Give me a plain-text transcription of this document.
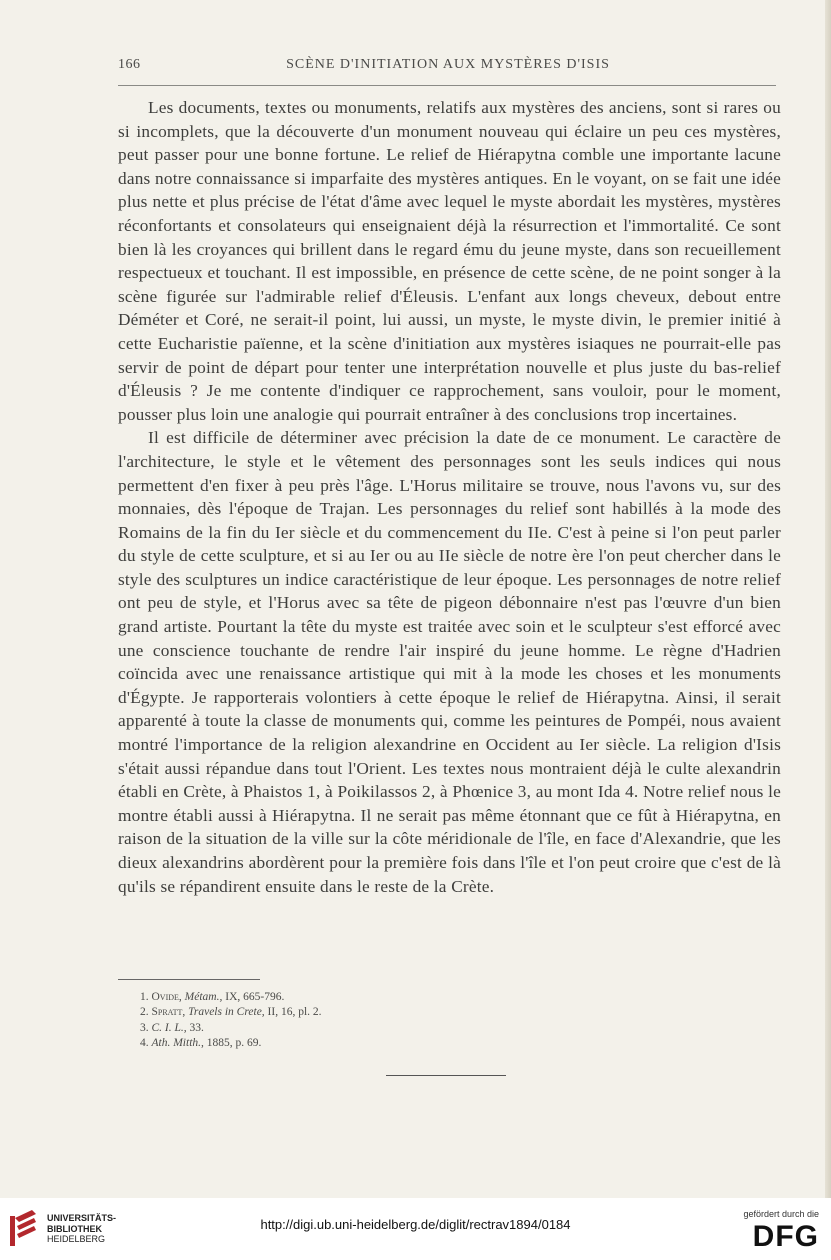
166	SCÈNE D'INITIATION AUX MYSTÈRES D'ISIS

Les documents, textes ou monuments, relatifs aux mystères des anciens, sont si rares ou si incomplets, que la découverte d'un monument nouveau qui éclaire un peu ces mystères, peut passer pour une bonne fortune. Le relief de Hiérapytna comble une importante lacune dans notre connaissance si imparfaite des mystères antiques. En le voyant, on se fait une idée plus nette et plus précise de l'état d'âme avec lequel le myste abordait les mystères, mystères réconfortants et consolateurs qui enseignaient déjà la résurrection et l'immortalité. Ce sont bien là les croyances qui brillent dans le regard ému du jeune myste, dans son recueillement respectueux et touchant. Il est impossible, en présence de cette scène, de ne point songer à la scène figurée sur l'admirable relief d'Éleusis. L'enfant aux longs cheveux, debout entre Déméter et Coré, ne serait-il point, lui aussi, un myste, le myste divin, le premier initié à cette Eucharistie païenne, et la scène d'initiation aux mystères isiaques ne pourrait-elle pas servir de point de départ pour tenter une interprétation nouvelle et plus juste du bas-relief d'Éleusis ? Je me contente d'indiquer ce rapprochement, sans vouloir, pour le moment, pousser plus loin une analogie qui pourrait entraîner à des conclusions trop incertaines.

Il est difficile de déterminer avec précision la date de ce monument. Le caractère de l'architecture, le style et le vêtement des personnages sont les seuls indices qui nous permettent d'en fixer à peu près l'âge. L'Horus militaire se trouve, nous l'avons vu, sur des monnaies, dès l'époque de Trajan. Les personnages du relief sont habillés à la mode des Romains de la fin du Ier siècle et du commencement du IIe. C'est à peine si l'on peut parler du style de cette sculpture, et si au Ier ou au IIe siècle de notre ère l'on peut chercher dans le style des sculptures un indice caractéristique de leur époque. Les personnages de notre relief ont peu de style, et l'Horus avec sa tête de pigeon débonnaire n'est pas l'œuvre d'un bien grand artiste. Pourtant la tête du myste est traitée avec soin et le sculpteur s'est efforcé avec une conscience touchante de rendre l'air inspiré du jeune homme. Le règne d'Hadrien coïncida avec une renaissance artistique qui mit à la mode les choses et les monuments d'Égypte. Je rapporterais volontiers à cette époque le relief de Hiérapytna. Ainsi, il serait apparenté à toute la classe de monuments qui, comme les peintures de Pompéi, nous avaient montré l'importance de la religion alexandrine en Occident au Ier siècle. La religion d'Isis s'était aussi répandue dans tout l'Orient. Les textes nous montraient déjà le culte alexandrin établi en Crète, à Phaistos 1, à Poikilassos 2, à Phœnice 3, au mont Ida 4. Notre relief nous le montre établi aussi à Hiérapytna. Il ne serait pas même étonnant que ce fût à Hiérapytna, en raison de la situation de la ville sur la côte méridionale de l'île, en face d'Alexandrie, que les dieux alexandrins abordèrent pour la première fois dans l'île et l'on peut croire que c'est de là qu'ils se répandirent ensuite dans le reste de la Crète.

1. Ovide, Métam., IX, 665-796.
2. Spratt, Travels in Crete, II, 16, pl. 2.
3. C. I. L., 33.
4. Ath. Mitth., 1885, p. 69.
UNIVERSITÄTS-
BIBLIOTHEK
HEIDELBERG
http://digi.ub.uni-heidelberg.de/diglit/rectrav1894/0184
gefördert durch die
DFG
